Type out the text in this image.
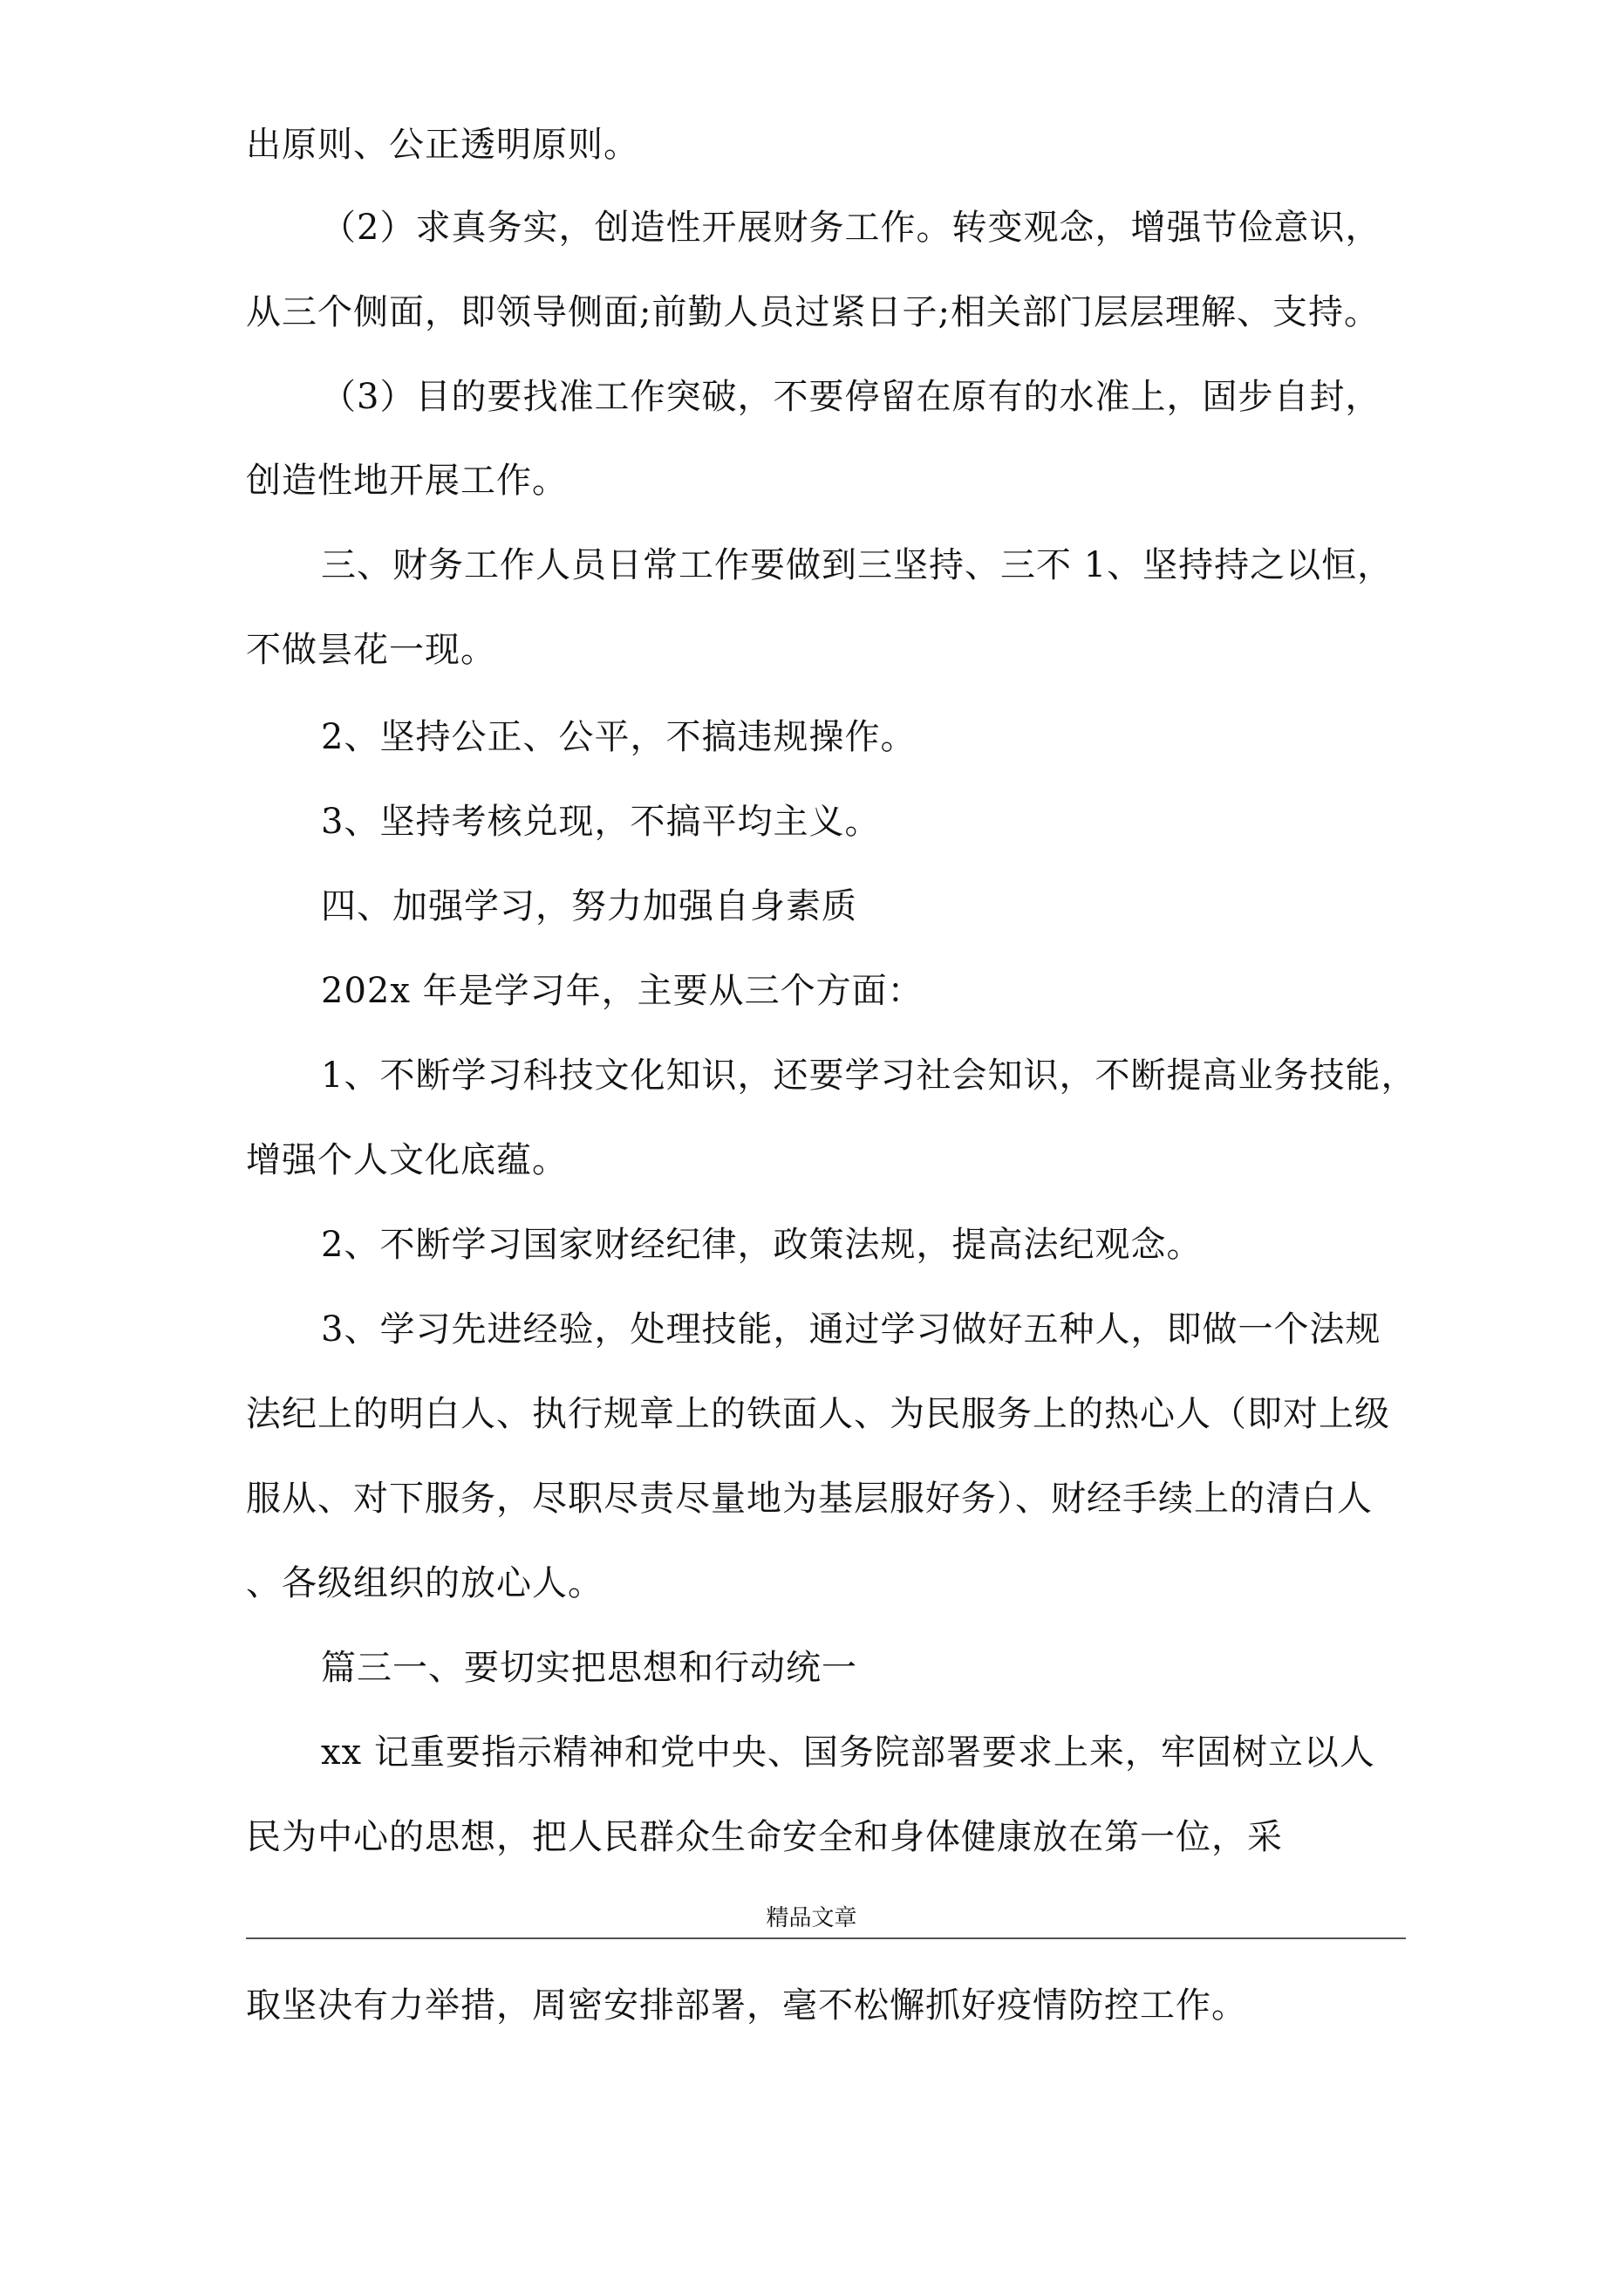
出原则、公正透明原则。
（2）求真务实，创造性开展财务工作。转变观念，增强节俭意识，
从三个侧面，即领导侧面;前勤人员过紧日子;相关部门层层理解、支持。
（3）目的要找准工作突破，不要停留在原有的水准上，固步自封，
创造性地开展工作。
三、财务工作人员日常工作要做到三坚持、三不 1、坚持持之以恒，
不做昙花一现。
2、坚持公正、公平，不搞违规操作。
3、坚持考核兑现，不搞平均主义。
四、加强学习，努力加强自身素质
202x 年是学习年，主要从三个方面：
1、不断学习科技文化知识，还要学习社会知识，不断提高业务技能，
增强个人文化底蕴。
2、不断学习国家财经纪律，政策法规，提高法纪观念。
3、学习先进经验，处理技能，通过学习做好五种人，即做一个法规
法纪上的明白人、执行规章上的铁面人、为民服务上的热心人（即对上级
服从、对下服务，尽职尽责尽量地为基层服好务）、财经手续上的清白人
、各级组织的放心人。
篇三一、要切实把思想和行动统一
xx 记重要指示精神和党中央、国务院部署要求上来，牢固树立以人
民为中心的思想，把人民群众生命安全和身体健康放在第一位，采
精品文章
取坚决有力举措，周密安排部署，毫不松懈抓好疫情防控工作。
